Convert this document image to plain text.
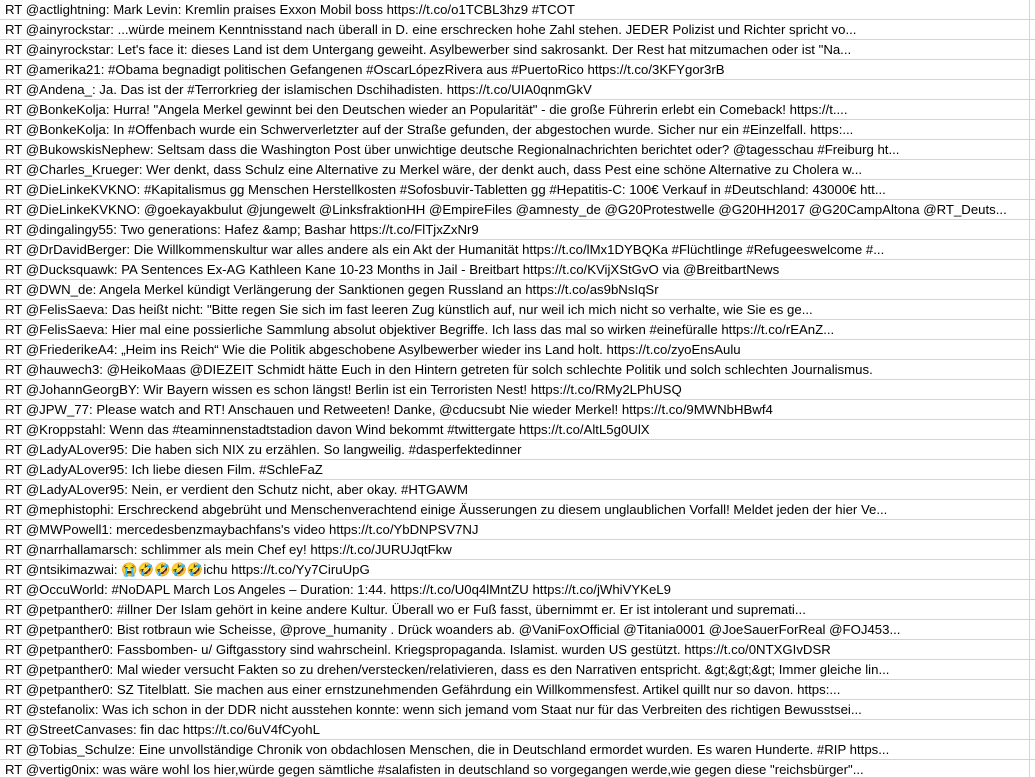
RT @actlightning: Mark Levin: Kremlin praises Exxon Mobil boss https://t.co/o1TCBL3hz9 #TCOT
RT @ainyrockstar: ...würde meinem Kenntnisstand nach überall in D. eine erschrecken hohe Zahl stehen. JEDER Polizist und Richter spricht vo...
RT @ainyrockstar: Let's face it: dieses Land ist dem Untergang geweiht. Asylbewerber sind sakrosankt. Der Rest hat mitzumachen oder ist "Na...
RT @amerika21: #Obama begnadigt politischen Gefangenen #OscarLópezRivera aus #PuertoRico https://t.co/3KFYgor3rB
RT @Andena_: Ja. Das ist der #Terrorkrieg der islamischen Dschihadisten. https://t.co/UIA0qnmGkV
RT @BonkeKolja: Hurra! "Angela Merkel gewinnt bei den Deutschen wieder an Popularität" - die große Führerin erlebt ein Comeback! https://t....
RT @BonkeKolja: In #Offenbach wurde ein Schwerverletzter auf der Straße gefunden, der abgestochen wurde. Sicher nur ein #Einzelfall. https:...
RT @BukowskisNephew: Seltsam dass die Washington Post über unwichtige deutsche Regionalnachrichten berichtet oder? @tagesschau #Freiburg ht...
RT @Charles_Krueger: Wer denkt, dass Schulz eine Alternative zu Merkel wäre, der denkt auch, dass Pest eine schöne Alternative zu Cholera w...
RT @DieLinkeKVKNO: #Kapitalismus gg Menschen Herstellkosten #Sofosbuvir-Tabletten gg #Hepatitis-C: 100€ Verkauf in #Deutschland: 43000€ htt...
RT @DieLinkeKVKNO: @goekayakbulut @jungewelt @LinksfraktionHH @EmpireFiles @amnesty_de @G20Protestwelle @G20HH2017 @G20CampAltona @RT_Deuts...
RT @dingalingy55: Two generations: Hafez &amp; Bashar https://t.co/FlTjxZxNr9
RT @DrDavidBerger: Die Willkommenskultur war alles andere als ein Akt der Humanität https://t.co/lMx1DYBQKa #Flüchtlinge #Refugeeswelcome #...
RT @Ducksquawk: PA Sentences Ex-AG Kathleen Kane 10-23 Months in Jail - Breitbart https://t.co/KVijXStGvO via @BreitbartNews
RT @DWN_de: Angela Merkel kündigt Verlängerung der Sanktionen gegen Russland an https://t.co/as9bNsIqSr
RT @FelisSaeva: Das heißt nicht: "Bitte regen Sie sich im fast leeren Zug künstlich auf, nur weil ich mich nicht so verhalte, wie Sie es ge...
RT @FelisSaeva: Hier mal eine possierliche Sammlung absolut objektiver Begriffe. Ich lass das mal so wirken #einefüralle https://t.co/rEAnZ...
RT @FriederikeA4: „Heim ins Reich“ Wie die Politik abgeschobene Asylbewerber wieder ins Land holt. https://t.co/zyoEnsAulu
RT @hauwech3: @HeikoMaas @DIEZEIT Schmidt hätte Euch in den Hintern getreten für solch schlechte Politik und solch schlechten Journalismus.
RT @JohannGeorgBY: Wir Bayern wissen es schon längst! Berlin ist ein Terroristen Nest! https://t.co/RMy2LPhUSQ
RT @JPW_77: Please watch and RT! Anschauen und Retweeten! Danke, @cducsubt Nie wieder Merkel! https://t.co/9MWNbHBwf4
RT @Kroppstahl: Wenn das #teaminnenstadtstadion davon Wind bekommt #twittergate https://t.co/AltL5g0UlX
RT @LadyALover95: Die haben sich NIX zu erzählen. So langweilig. #dasperfektedinner
RT @LadyALover95: Ich liebe diesen Film. #SchleFaZ
RT @LadyALover95: Nein, er verdient den Schutz nicht, aber okay. #HTGAWM
RT @mephistophi: Erschreckend abgebrüht und Menschenverachtend einige Äusserungen zu diesem unglaublichen Vorfall! Meldet jeden der hier Ve...
RT @MWPowell1: mercedesbenzmaybachfans's video https://t.co/YbDNPSV7NJ
RT @narrhallamarsch: schlimmer als mein Chef ey! https://t.co/JURUJqtFkw
RT @ntsikimazwai: 😭🤣🤣🤣🤣ichu https://t.co/Yy7CiruUpG
RT @OccuWorld: #NoDAPL March Los Angeles – Duration: 1:44. https://t.co/U0q4lMntZU https://t.co/jWhiVYKeL9
RT @petpanther0: #illner Der Islam gehört in keine andere Kultur. Überall wo er Fuß fasst, übernimmt er. Er ist intolerant und supremati...
RT @petpanther0: Bist rotbraun wie Scheisse, @prove_humanity . Drück woanders ab. @VaniFoxOfficial @Titania0001 @JoeSauerForReal @FOJ453...
RT @petpanther0: Fassbomben- u/ Giftgasstory sind wahrscheinl. Kriegspropaganda. Islamist. wurden US gestützt. https://t.co/0NTXGIvDSR
RT @petpanther0: Mal wieder versucht Fakten so zu drehen/verstecken/relativieren, dass es den Narrativen entspricht. &gt;&gt;&gt; Immer gleiche lin...
RT @petpanther0: SZ Titelblatt. Sie machen aus einer ernstzunehmenden Gefährdung ein Willkommensfest. Artikel quillt nur so davon. https:...
RT @stefanolix: Was ich schon in der DDR nicht ausstehen konnte: wenn sich jemand vom Staat nur für das Verbreiten des richtigen Bewusstsei...
RT @StreetCanvases: fin dac https://t.co/6uV4fCyohL
RT @Tobias_Schulze: Eine unvollständige Chronik von obdachlosen Menschen, die in Deutschland ermordet wurden. Es waren Hunderte. #RIP https...
RT @vertig0nix: was wäre wohl los hier,würde gegen sämtliche #salafisten in deutschland so vorgegangen werde,wie gegen diese "reichsbürger"...
